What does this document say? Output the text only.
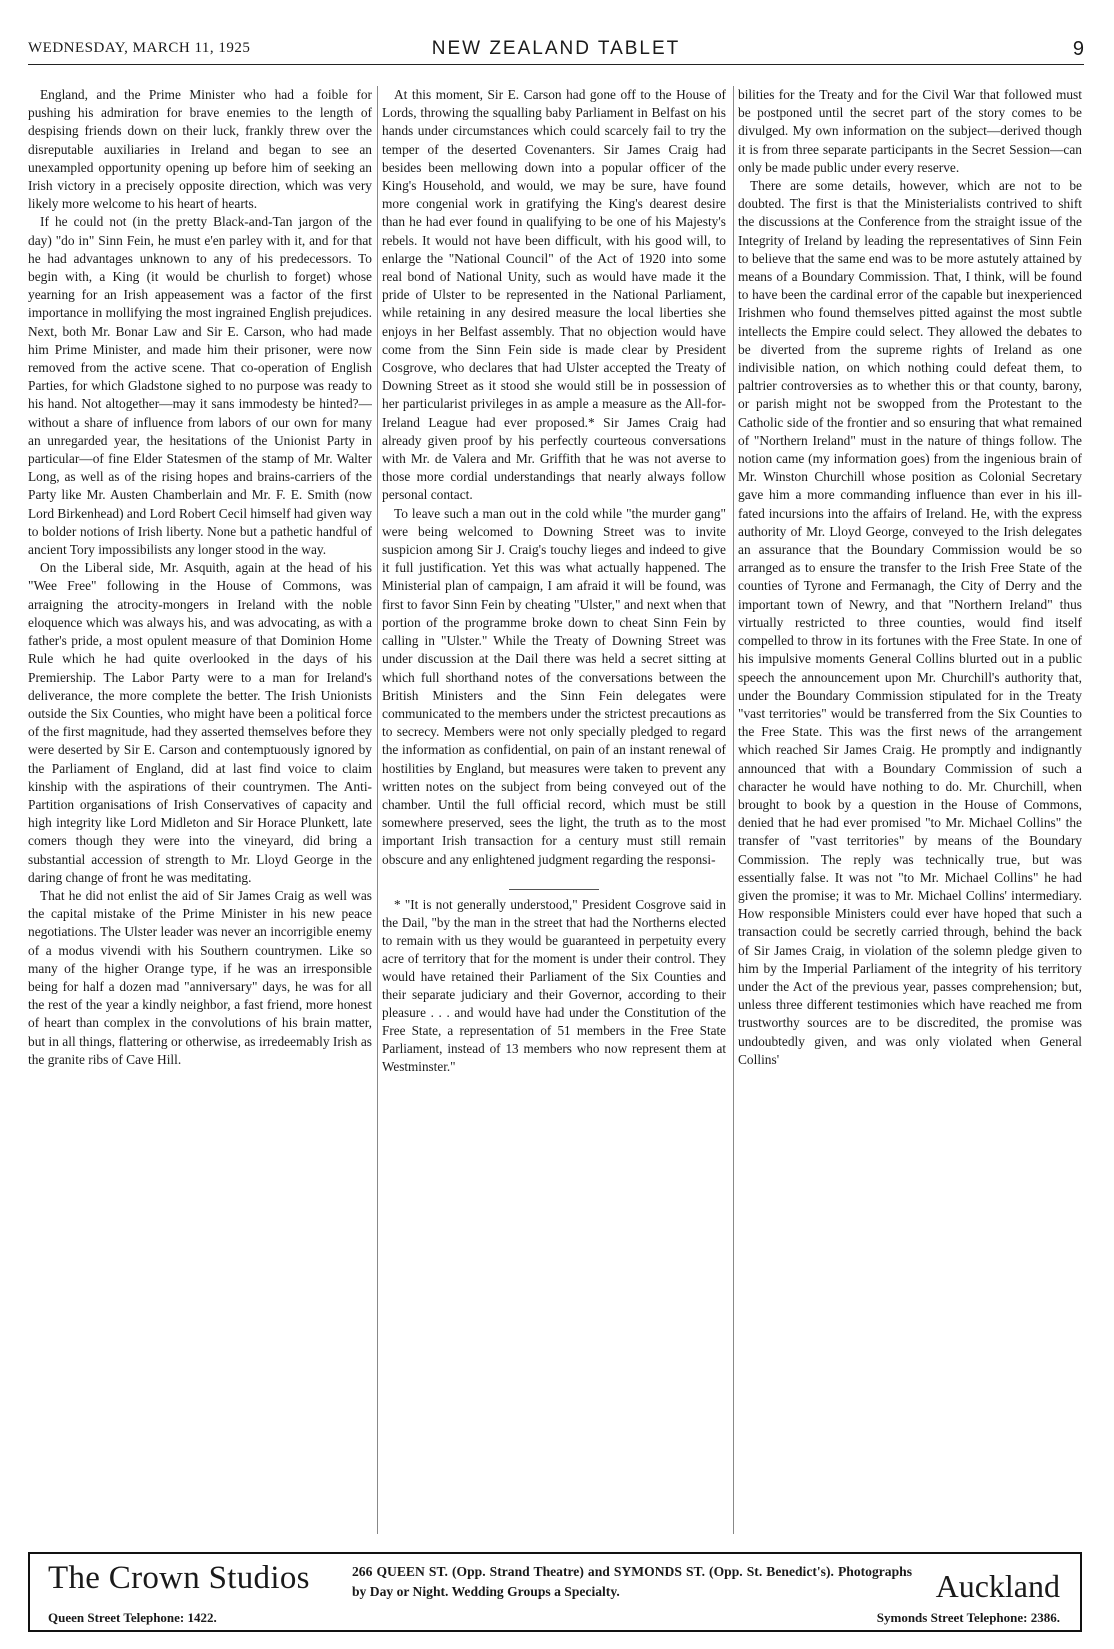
WEDNESDAY, MARCH 11, 1925	NEW ZEALAND TABLET	9

England, and the Prime Minister who had a foible for pushing his admiration for brave enemies to the length of despising friends down on their luck, frankly threw over the disreputable auxiliaries in Ireland and began to see an unexampled opportunity opening up before him of seeking an Irish victory in a precisely opposite direction, which was very likely more welcome to his heart of hearts.

If he could not (in the pretty Black-and-Tan jargon of the day) "do in" Sinn Fein, he must e'en parley with it, and for that he had advantages unknown to any of his predecessors. To begin with, a King (it would be churlish to forget) whose yearning for an Irish appeasement was a factor of the first importance in mollifying the most ingrained English prejudices. Next, both Mr. Bonar Law and Sir E. Carson, who had made him Prime Minister, and made him their prisoner, were now removed from the active scene. That co-operation of English Parties, for which Gladstone sighed to no purpose was ready to his hand. Not altogether—may it sans immodesty be hinted?—without a share of influence from labors of our own for many an unregarded year, the hesitations of the Unionist Party in particular—of fine Elder Statesmen of the stamp of Mr. Walter Long, as well as of the rising hopes and brains-carriers of the Party like Mr. Austen Chamberlain and Mr. F. E. Smith (now Lord Birkenhead) and Lord Robert Cecil himself had given way to bolder notions of Irish liberty. None but a pathetic handful of ancient Tory impossibilists any longer stood in the way.

On the Liberal side, Mr. Asquith, again at the head of his "Wee Free" following in the House of Commons, was arraigning the atrocity-mongers in Ireland with the noble eloquence which was always his, and was advocating, as with a father's pride, a most opulent measure of that Dominion Home Rule which he had quite overlooked in the days of his Premiership. The Labor Party were to a man for Ireland's deliverance, the more complete the better. The Irish Unionists outside the Six Counties, who might have been a political force of the first magnitude, had they asserted themselves before they were deserted by Sir E. Carson and contemptuously ignored by the Parliament of England, did at last find voice to claim kinship with the aspirations of their countrymen. The Anti-Partition organisations of Irish Conservatives of capacity and high integrity like Lord Midleton and Sir Horace Plunkett, late comers though they were into the vineyard, did bring a substantial accession of strength to Mr. Lloyd George in the daring change of front he was meditating.

That he did not enlist the aid of Sir James Craig as well was the capital mistake of the Prime Minister in his new peace negotiations. The Ulster leader was never an incorrigible enemy of a modus vivendi with his Southern countrymen. Like so many of the higher Orange type, if he was an irresponsible being for half a dozen mad "anniversary" days, he was for all the rest of the year a kindly neighbor, a fast friend, more honest of heart than complex in the convolutions of his brain matter, but in all things, flattering or otherwise, as irredeemably Irish as the granite ribs of Cave Hill.

At this moment, Sir E. Carson had gone off to the House of Lords, throwing the squalling baby Parliament in Belfast on his hands under circumstances which could scarcely fail to try the temper of the deserted Covenanters. Sir James Craig had besides been mellowing down into a popular officer of the King's Household, and would, we may be sure, have found more congenial work in gratifying the King's dearest desire than he had ever found in qualifying to be one of his Majesty's rebels. It would not have been difficult, with his good will, to enlarge the "National Council" of the Act of 1920 into some real bond of National Unity, such as would have made it the pride of Ulster to be represented in the National Parliament, while retaining in any desired measure the local liberties she enjoys in her Belfast assembly. That no objection would have come from the Sinn Fein side is made clear by President Cosgrove, who declares that had Ulster accepted the Treaty of Downing Street as it stood she would still be in possession of her particularist privileges in as ample a measure as the All-for-Ireland League had ever proposed.* Sir James Craig had already given proof by his perfectly courteous conversations with Mr. de Valera and Mr. Griffith that he was not averse to those more cordial understandings that nearly always follow personal contact.

To leave such a man out in the cold while "the murder gang" were being welcomed to Downing Street was to invite suspicion among Sir J. Craig's touchy lieges and indeed to give it full justification. Yet this was what actually happened. The Ministerial plan of campaign, I am afraid it will be found, was first to favor Sinn Fein by cheating "Ulster," and next when that portion of the programme broke down to cheat Sinn Fein by calling in "Ulster." While the Treaty of Downing Street was under discussion at the Dail there was held a secret sitting at which full shorthand notes of the conversations between the British Ministers and the Sinn Fein delegates were communicated to the members under the strictest precautions as to secrecy. Members were not only specially pledged to regard the information as confidential, on pain of an instant renewal of hostilities by England, but measures were taken to prevent any written notes on the subject from being conveyed out of the chamber. Until the full official record, which must be still somewhere preserved, sees the light, the truth as to the most important Irish transaction for a century must still remain obscure and any enlightened judgment regarding the responsi-

* "It is not generally understood," President Cosgrove said in the Dail, "by the man in the street that had the Northerns elected to remain with us they would be guaranteed in perpetuity every acre of territory that for the moment is under their control. They would have retained their Parliament of the Six Counties and their separate judiciary and their Governor, according to their pleasure . . . and would have had under the Constitution of the Free State, a representation of 51 members in the Free State Parliament, instead of 13 members who now represent them at Westminster."

bilities for the Treaty and for the Civil War that followed must be postponed until the secret part of the story comes to be divulged. My own information on the subject—derived though it is from three separate participants in the Secret Session—can only be made public under every reserve.

There are some details, however, which are not to be doubted. The first is that the Ministerialists contrived to shift the discussions at the Conference from the straight issue of the Integrity of Ireland by leading the representatives of Sinn Fein to believe that the same end was to be more astutely attained by means of a Boundary Commission. That, I think, will be found to have been the cardinal error of the capable but inexperienced Irishmen who found themselves pitted against the most subtle intellects the Empire could select. They allowed the debates to be diverted from the supreme rights of Ireland as one indivisible nation, on which nothing could defeat them, to paltrier controversies as to whether this or that county, barony, or parish might not be swopped from the Protestant to the Catholic side of the frontier and so ensuring that what remained of "Northern Ireland" must in the nature of things follow. The notion came (my information goes) from the ingenious brain of Mr. Winston Churchill whose position as Colonial Secretary gave him a more commanding influence than ever in his ill-fated incursions into the affairs of Ireland. He, with the express authority of Mr. Lloyd George, conveyed to the Irish delegates an assurance that the Boundary Commission would be so arranged as to ensure the transfer to the Irish Free State of the counties of Tyrone and Fermanagh, the City of Derry and the important town of Newry, and that "Northern Ireland" thus virtually restricted to three counties, would find itself compelled to throw in its fortunes with the Free State. In one of his impulsive moments General Collins blurted out in a public speech the announcement upon Mr. Churchill's authority that, under the Boundary Commission stipulated for in the Treaty "vast territories" would be transferred from the Six Counties to the Free State. This was the first news of the arrangement which reached Sir James Craig. He promptly and indignantly announced that with a Boundary Commission of such a character he would have nothing to do. Mr. Churchill, when brought to book by a question in the House of Commons, denied that he had ever promised "to Mr. Michael Collins" the transfer of "vast territories" by means of the Boundary Commission. The reply was technically true, but was essentially false. It was not "to Mr. Michael Collins" he had given the promise; it was to Mr. Michael Collins' intermediary. How responsible Ministers could ever have hoped that such a transaction could be secretly carried through, behind the back of Sir James Craig, in violation of the solemn pledge given to him by the Imperial Parliament of the integrity of his territory under the Act of the previous year, passes comprehension; but, unless three different testimonies which have reached me from trustworthy sources are to be discredited, the promise was undoubtedly given, and was only violated when General Collins'

The Crown Studios	266 QUEEN ST. (Opp. Strand Theatre) and SYMONDS ST. (Opp. St. Benedict's). Photographs by Day or Night. Wedding Groups a Specialty.	Auckland
Queen Street Telephone: 1422.	Symonds Street Telephone: 2386.
